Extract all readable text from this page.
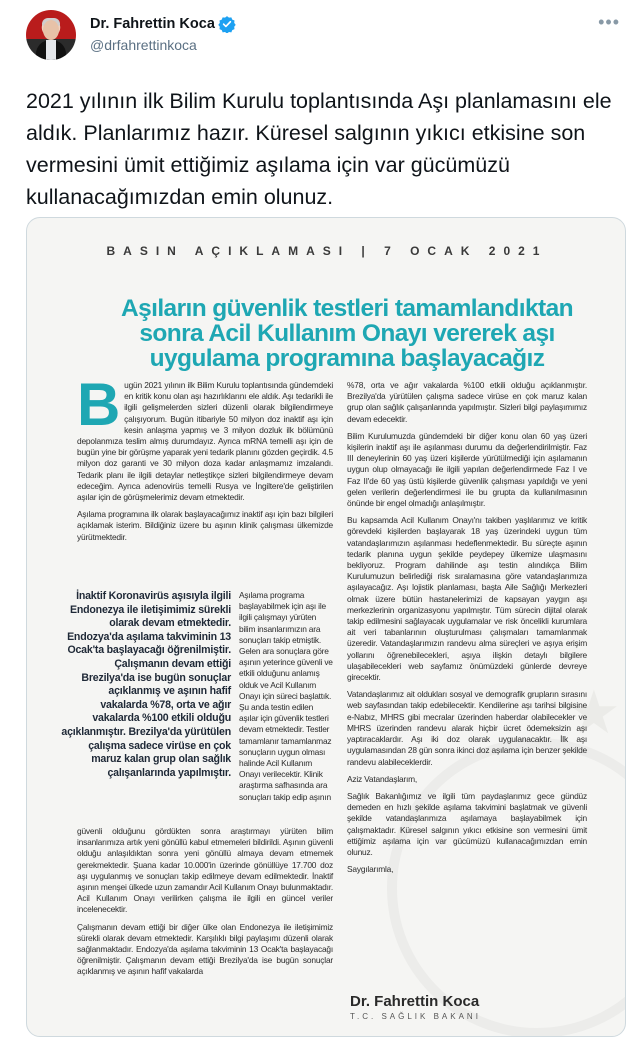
Dr. Fahrettin Koca
@drfahrettinkoca
•••
2021 yılının ilk Bilim Kurulu toplantısında Aşı planlamasını ele aldık. Planlarımız hazır. Küresel salgının yıkıcı etkisine son vermesini ümit ettiğimiz aşılama için var gücümüzü kullanacağımızdan emin olunuz.
★
BASIN AÇIKLAMASI | 7 OCAK 2021
Aşıların güvenlik testleri tamamlandıktan sonra Acil Kullanım Onayı vererek aşı uygulama programına başlayacağız

Bugün 2021 yılının ilk Bilim Kurulu toplantısında gündemdeki en kritik konu olan aşı hazırlıklarını ele aldık. Aşı tedarikli ile ilgili gelişmelerden sizleri düzenli olarak bilgilendirmeye çalışıyorum. Bugün itibariyle 50 milyon doz inaktif aşı için kesin anlaşma yapmış ve 3 milyon dozluk ilk bölümünü depolanmıza teslim almış durumdayız. Ayrıca mRNA temelli aşı için de bugün yine bir görüşme yaparak yeni tedarik planını gözden geçirdik. 4.5 milyon doz garanti ve 30 milyon doza kadar anlaşmamız imzalandı. Tedarik planı ile ilgili detaylar netleştikçe sizleri bilgilendirmeye devam edeceğim. Ayrıca adenovirüs temelli Rusya ve İngiltere'de geliştirilen aşılar için de görüşmelerimiz devam etmektedir.

Aşılama programına ilk olarak başlayacağımız inaktif aşı için bazı bilgileri açıklamak isterim. Bildiğiniz üzere bu aşının klinik çalışması ülkemizde yürütmektedir.

İnaktif Koronavirüs aşısıyla ilgili Endonezya ile iletişimimiz sürekli olarak devam etmektedir. Endozya'da aşılama takviminin 13 Ocak'ta başlayacağı öğrenilmiştir. Çalışmanın devam ettiği Brezilya'da ise bugün sonuçlar açıklanmış ve aşının hafif vakalarda %78, orta ve ağır vakalarda %100 etkili olduğu açıklanmıştır. Brezilya'da yürütülen çalışma sadece virüse en çok maruz kalan grup olan sağlık çalışanlarında yapılmıştır.
Aşılama programa başlayabilmek için aşı ile ilgili çalışmayı yürüten bilim insanlarımızın ara sonuçları takip etmiştik. Gelen ara sonuçlara göre aşının yeterince güvenli ve etkili olduğunu anlamış olduk ve Acil Kullanım Onayı için süreci başlattık. Şu anda testin edilen aşılar için güvenlik testleri devam etmektedir. Testler tamamlanır tamamlanmaz sonuçların uygun olması halinde Acil Kullanım Onayı verilecektir. Klinik araştırma safhasında ara sonuçları takip edip aşının

güvenli olduğunu gördükten sonra araştırmayı yürüten bilim insanlarımıza artık yeni gönüllü kabul etmemeleri bildirildi. Aşının güvenli olduğu anlaşıldıktan sonra yeni gönüllü almaya devam etmemek gerekmektedir. Şuana kadar 10.000'in üzerinde gönüllüye 17.700 doz aşı uygulanmış ve sonuçları takip edilmeye devam edilmektedir. İnaktif aşının menşei ülkede uzun zamandır Acil Kullanım Onayı bulunmaktadır. Acil Kullanım Onayı verilirken çalışma ile ilgili en güncel veriler incelenecektir.

Çalışmanın devam ettiği bir diğer ülke olan Endonezya ile iletişimimiz sürekli olarak devam etmektedir. Karşılıklı bilgi paylaşımı düzenli olarak sağlanmaktadır. Endozya'da aşılama takviminin 13 Ocak'ta başlayacağı öğrenilmiştir. Çalışmanın devam ettiği Brezilya'da ise bugün sonuçlar açıklanmış ve aşının hafif vakalarda

%78, orta ve ağır vakalarda %100 etkili olduğu açıklanmıştır. Brezilya'da yürütülen çalışma sadece virüse en çok maruz kalan grup olan sağlık çalışanlarında yapılmıştır. Sizleri bilgi paylaşımımız devam edecektir.

Bilim Kurulumuzda gündemdeki bir diğer konu olan 60 yaş üzeri kişilerin inaktif aşı ile aşılanması durumu da değerlendirilmiştir. Faz III deneylerinin 60 yaş üzeri kişilerde yürütülmediği için aşılamanın uygun olup olmayacağı ile ilgili yapılan değerlendirmede Faz I ve Faz II'de 60 yaş üstü kişilerde güvenlik çalışması yapıldığı ve yeni gelen verilerin değerlendirmesi ile bu grupta da kullanılmasının önünde bir engel olmadığı anlaşılmıştır.

Bu kapsamda Acil Kullanım Onayı'nı takiben yaşlılarımız ve kritik görevdeki kişilerden başlayarak 18 yaş üzerindeki uygun tüm vatandaşlarımızın aşılanması hedeflenmektedir. Bu süreçte aşının tedarik planına uygun şekilde peydepey ülkemize ulaşmasını bekliyoruz. Program dahilinde aşı testin alındıkça Bilim Kurulumuzun belirlediği risk sıralamasına göre vatandaşlarımıza aşılayacağız. Aşı lojistik planlaması, başta Aile Sağlığı Merkezleri olmak üzere bütün hastanelerimizi de kapsayan yaygın aşı merkezlerinin organizasyonu yapılmıştır. Tüm sürecin dijital olarak takip edilmesini sağlayacak uygulamalar ve risk öncelikli kurumlara ait veri tabanlarının oluşturulması çalışmaları tamamlanmak üzeredir. Vatandaşlarımızın randevu alma süreçleri ve aşıya erişim yollarını öğrenebilecekleri, aşıya ilişkin detaylı bilgilere ulaşabilecekleri web sayfamız önümüzdeki günlerde devreye girecektir.

Vatandaşlarımız ait oldukları sosyal ve demografik grupların sırasını web sayfasından takip edebilecektir. Kendilerine aşı tarihsi bilgisine e-Nabız, MHRS gibi mecralar üzerinden haberdar olabilecekler ve MHRS üzerinden randevu alarak hiçbir ücret ödemeksizin aşı yaptıracaklardır. Aşı iki doz olarak uygulanacaktır. İlk aşı uygulamasından 28 gün sonra ikinci doz aşılama için benzer şekilde randevu alabileceklerdir.

Aziz Vatandaşlarım,

Sağlık Bakanlığımız ve ilgili tüm paydaşlarımız gece gündüz demeden en hızlı şekilde aşılama takvimini başlatmak ve güvenli şekilde vatandaşlarımıza aşılamaya başlayabilmek için çalışmaktadır. Küresel salgının yıkıcı etkisine son vermesini ümit ettiğimiz aşılama için var gücümüzü kullanacağımızdan emin olunuz.

Saygılarımla,

Dr. Fahrettin Koca
T.C. SAĞLIK BAKANI
